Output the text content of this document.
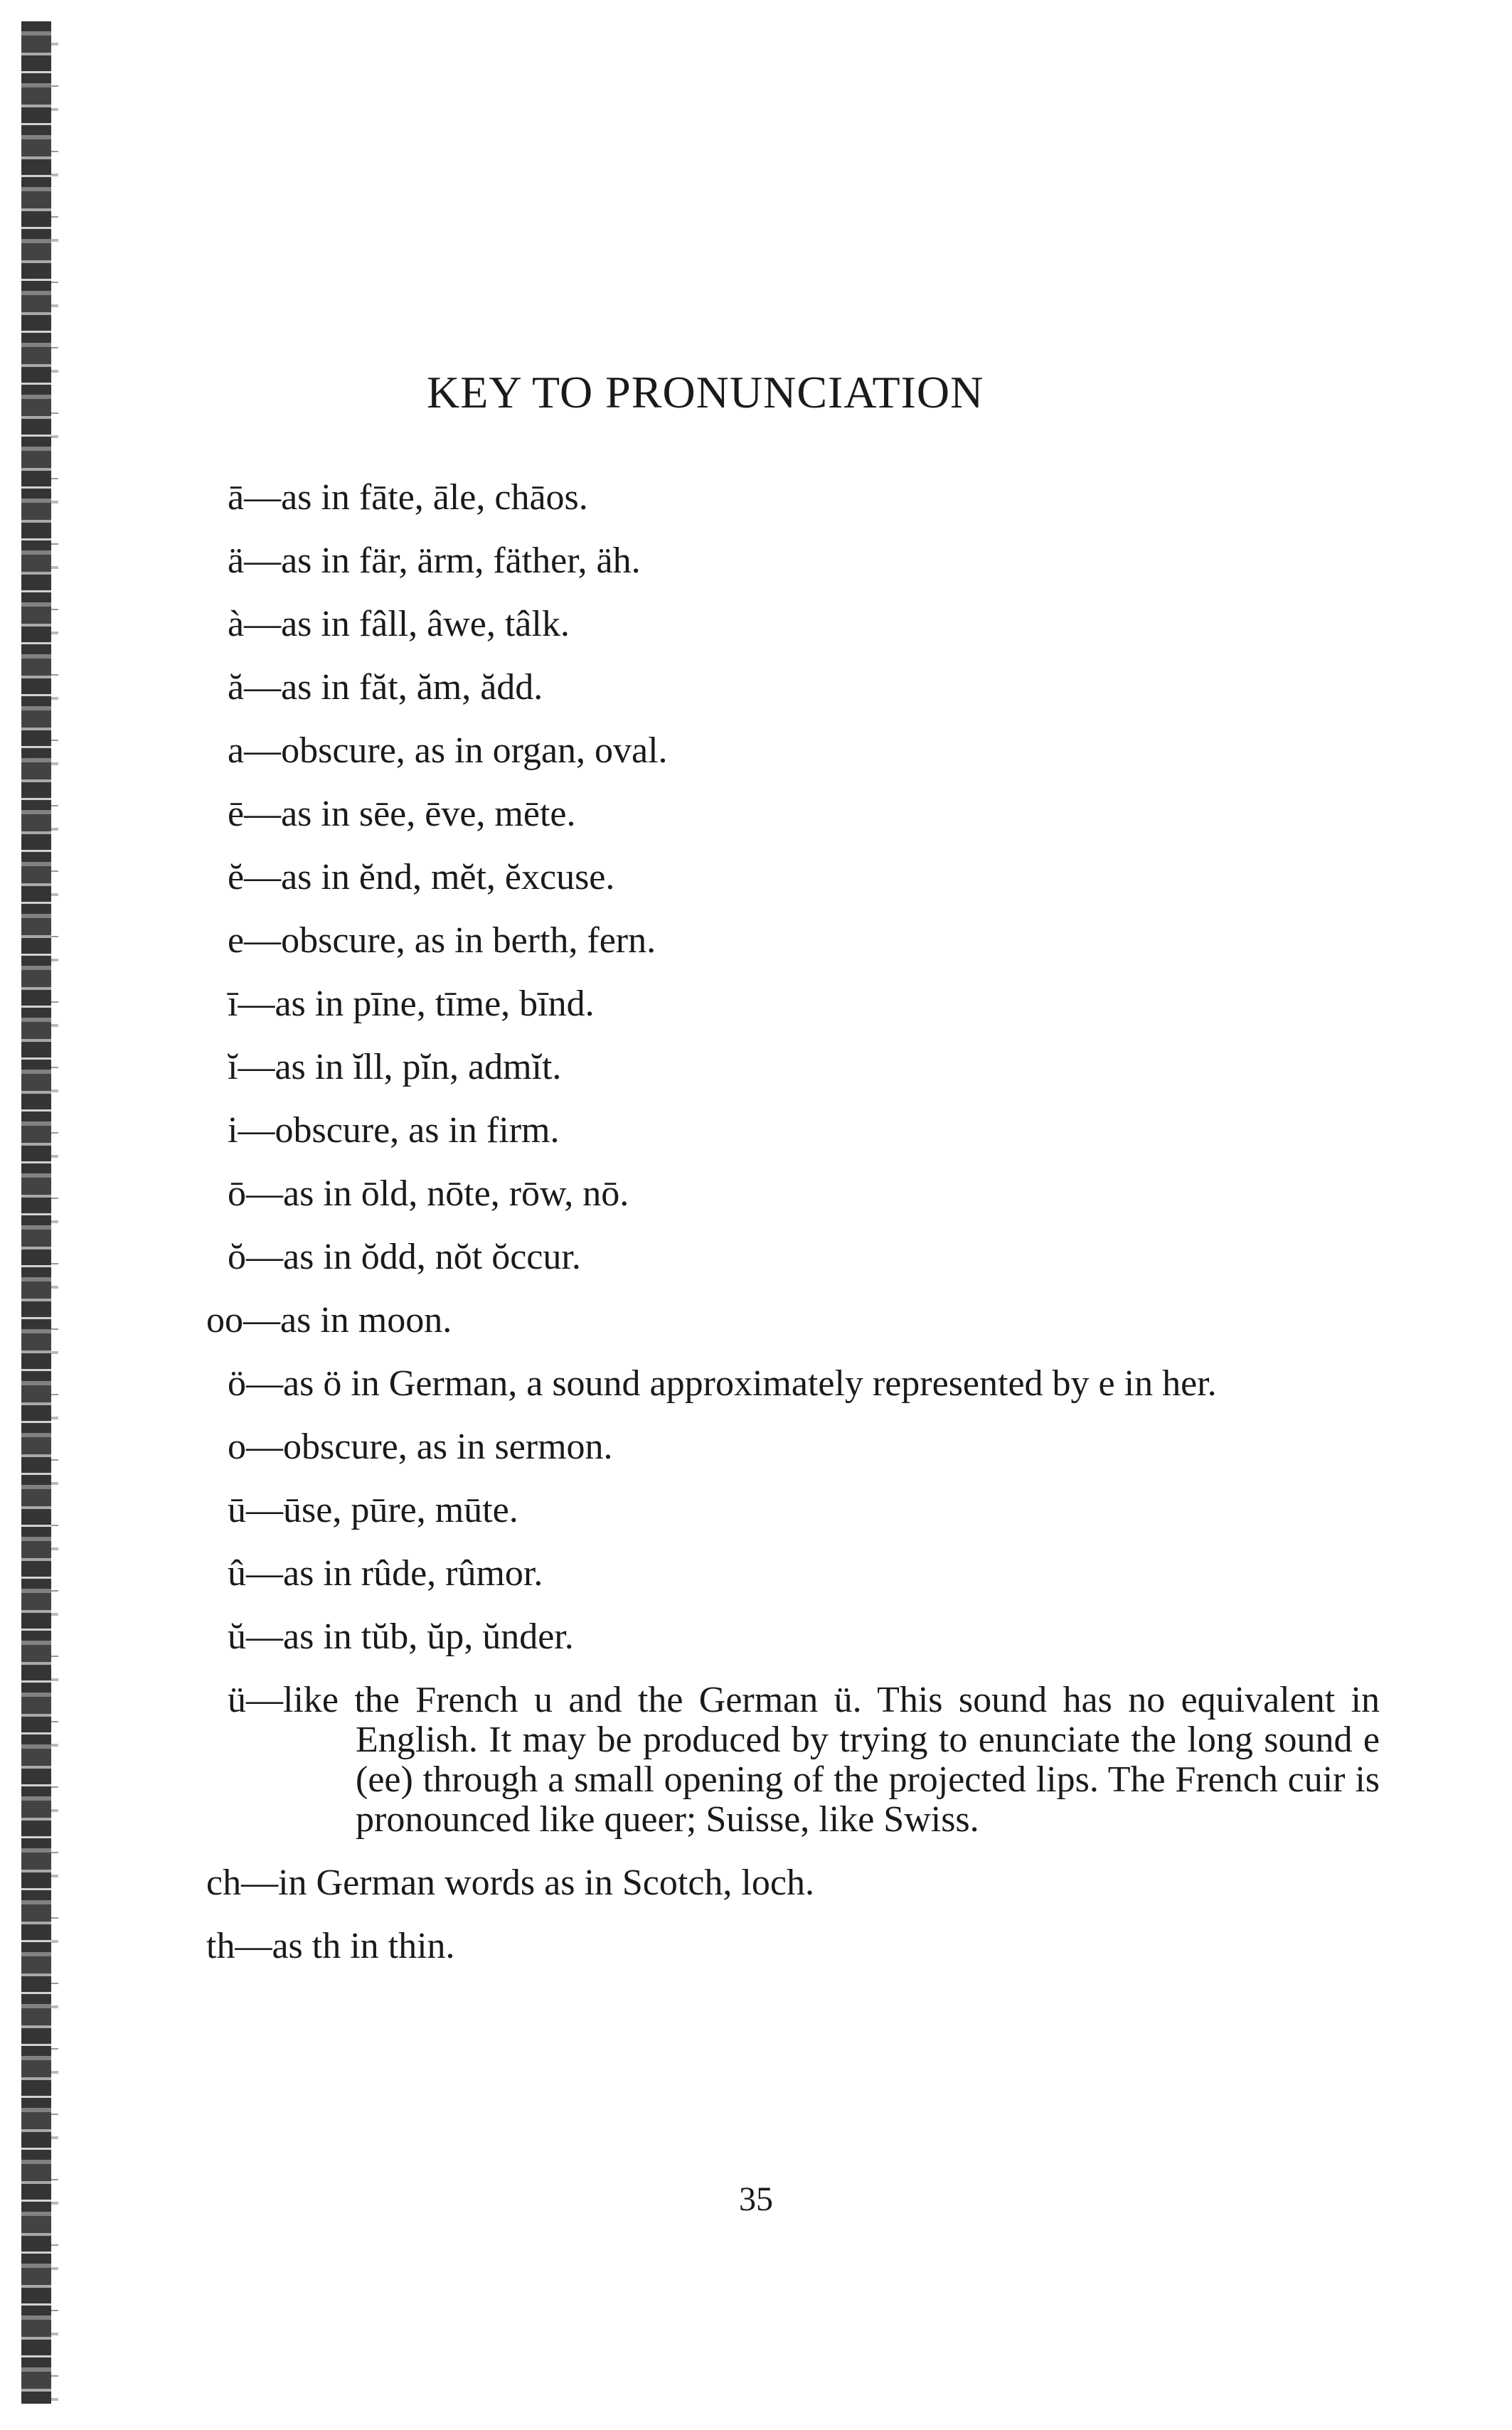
KEY TO PRONUNCIATION
ā—as in fāte, āle, chāos.
ä—as in fär, ärm, fäther, äh.
à—as in fâll, âwe, tâlk.
ă—as in făt, ăm, ădd.
a—obscure, as in organ, oval.
ē—as in sēe, ēve, mēte.
ĕ—as in ĕnd, mĕt, ĕxcuse.
e—obscure, as in berth, fern.
ī—as in pīne, tīme, bīnd.
ĭ—as in ĭll, pĭn, admĭt.
i—obscure, as in firm.
ō—as in ōld, nōte, rōw, nō.
ŏ—as in ŏdd, nŏt ŏccur.
oo—as in moon.
ö—as ö in German, a sound approximately represented by e in her.
o—obscure, as in sermon.
ū—ūse, pūre, mūte.
û—as in rûde, rûmor.
ŭ—as in tŭb, ŭp, ŭnder.
ü—like the French u and the German ü. This sound has no equivalent in English. It may be produced by trying to enunciate the long sound e (ee) through a small opening of the projected lips. The French cuir is pronounced like queer; Suisse, like Swiss.
ch—in German words as in Scotch, loch.
th—as th in thin.
35
